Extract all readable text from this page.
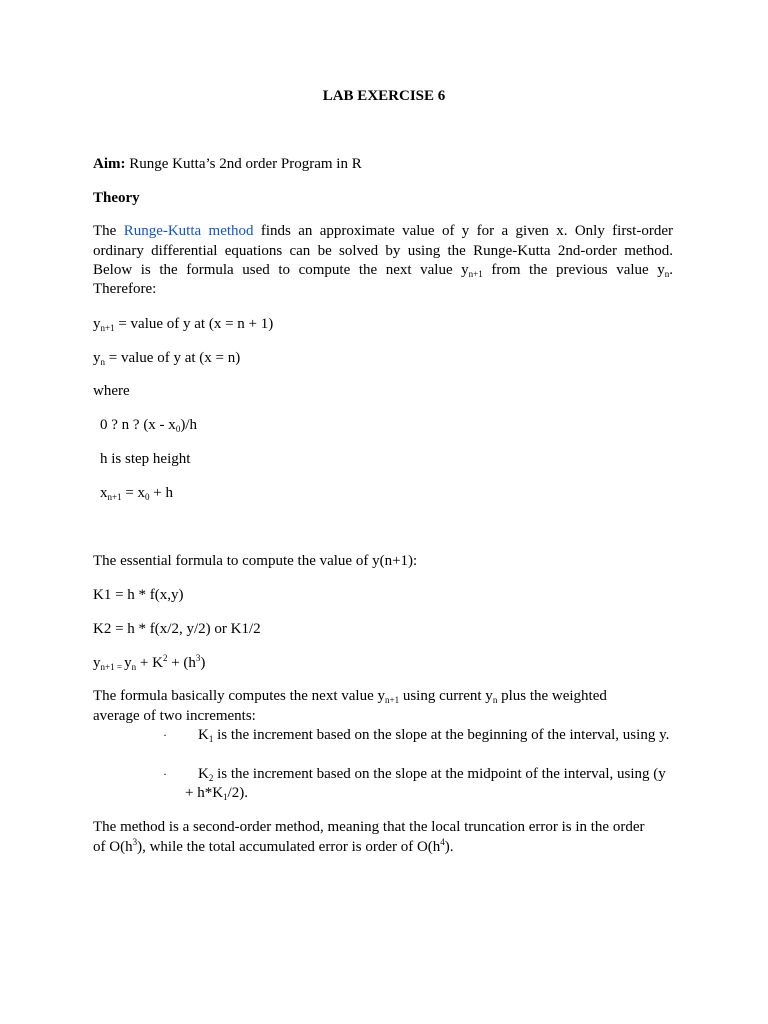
LAB EXERCISE 6

Aim: Runge Kutta’s 2nd order Program in R

Theory

The Runge-Kutta method finds an approximate value of y for a given x. Only first-order

ordinary differential equations can be solved by using the Runge-Kutta 2nd-order method.

Below is the formula used to compute the next value $y_{n+1}$ from the previous value $y_n$.

Therefore:

$y_{n+1}$ = value of y at (x = n + 1)

$y_n$ = value of y at (x = n)

where

0 ? n ? $(x - x_0)/h$

h is step height

$x_{n+1} = x_0 + h$

The essential formula to compute the value of y(n+1):

K1 = h * f(x,y)

K2 = h * f(x/2, y/2) or K1/2

$y_{n+1 =}$ $y_n + K^2 + (h^3)$

The formula basically computes the next value $y_{n+1}$ using current $y_n$ plus the weighted

average of two increments:

·	$K_1$ is the increment based on the slope at the beginning of the interval, using y.

·	$K_2$ is the increment based on the slope at the midpoint of the interval, using $(y + h*K_1/2)$.

The method is a second-order method, meaning that the local truncation error is in the order

of $O(h^3)$, while the total accumulated error is order of $O(h^4)$.
